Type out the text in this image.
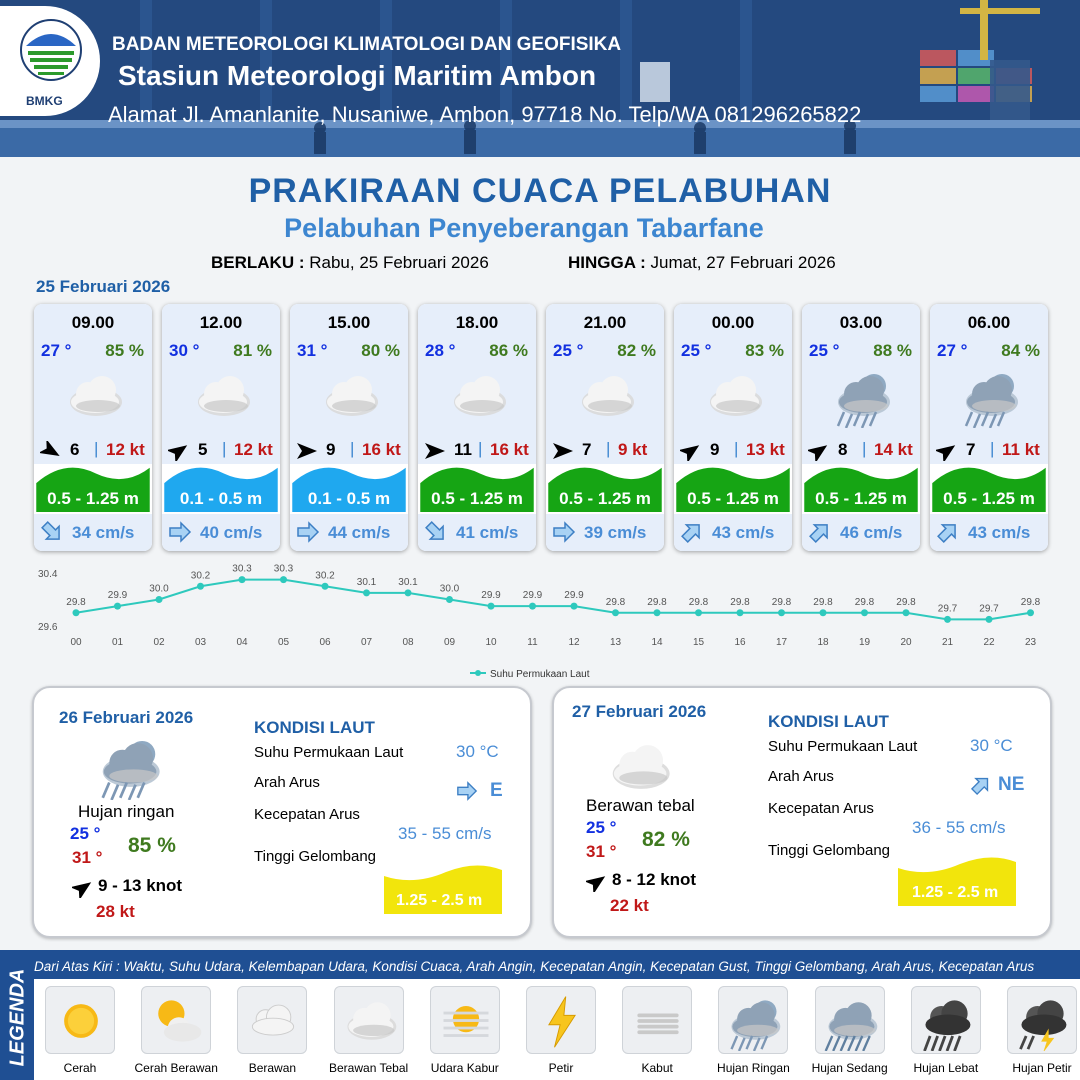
BMKG
BADAN METEOROLOGI KLIMATOLOGI DAN GEOFISIKA
Stasiun Meteorologi Maritim Ambon
Alamat Jl. Amanlanite, Nusaniwe, Ambon, 97718 No. Telp/WA 081296265822
PRAKIRAAN CUACA PELABUHAN
Pelabuhan Penyeberangan Tabarfane
BERLAKU : Rabu, 25 Februari 2026	HINGGA : Jumat, 27 Februari 2026
25 Februari 2026
09.00
27 ° 85 %
6 | 12 kt
0.5 - 1.25 m
34 cm/s
12.00
30 ° 81 %
5 | 12 kt
0.1 - 0.5 m
40 cm/s
15.00
31 ° 80 %
9 | 16 kt
0.1 - 0.5 m
44 cm/s
18.00
28 ° 86 %
11 | 16 kt
0.5 - 1.25 m
41 cm/s
21.00
25 ° 82 %
7 | 9 kt
0.5 - 1.25 m
39 cm/s
00.00
25 ° 83 %
9 | 13 kt
0.5 - 1.25 m
43 cm/s
03.00
25 ° 88 %
8 | 14 kt
0.5 - 1.25 m
46 cm/s
06.00
27 ° 84 %
7 | 11 kt
0.5 - 1.25 m
43 cm/s
30.4
29.6
29.8
00
29.9
01
30.0
02
30.2
03
30.3
04
30.3
05
30.2
06
30.1
07
30.1
08
30.0
09
29.9
10
29.9
11
29.9
12
29.8
13
29.8
14
29.8
15
29.8
16
29.8
17
29.8
18
29.8
19
29.8
20
29.7
21
29.7
22
29.8
23
Suhu Permukaan Laut
26 Februari 2026
Hujan ringan
25 °
31 °
85 %
9 - 13 knot
28 kt
KONDISI LAUT
Suhu Permukaan Laut	30 °C
Arah Arus	E
Kecepatan Arus
35 - 55 cm/s
Tinggi Gelombang
1.25 - 2.5 m
27 Februari 2026
Berawan tebal
25 °
31 °
82 %
8 - 12 knot
22 kt
KONDISI LAUT
Suhu Permukaan Laut	30 °C
Arah Arus	NE
Kecepatan Arus
36 - 55 cm/s
Tinggi Gelombang
1.25 - 2.5 m
LEGENDA
Dari Atas Kiri : Waktu, Suhu Udara, Kelembapan Udara, Kondisi Cuaca, Arah Angin, Kecepatan Angin, Kecepatan Gust, Tinggi Gelombang, Arah Arus, Kecepatan Arus
Cerah	Cerah Berawan	Berawan	Berawan Tebal	Udara Kabur	Petir	Kabut	Hujan Ringan	Hujan Sedang	Hujan Lebat	Hujan Petir
